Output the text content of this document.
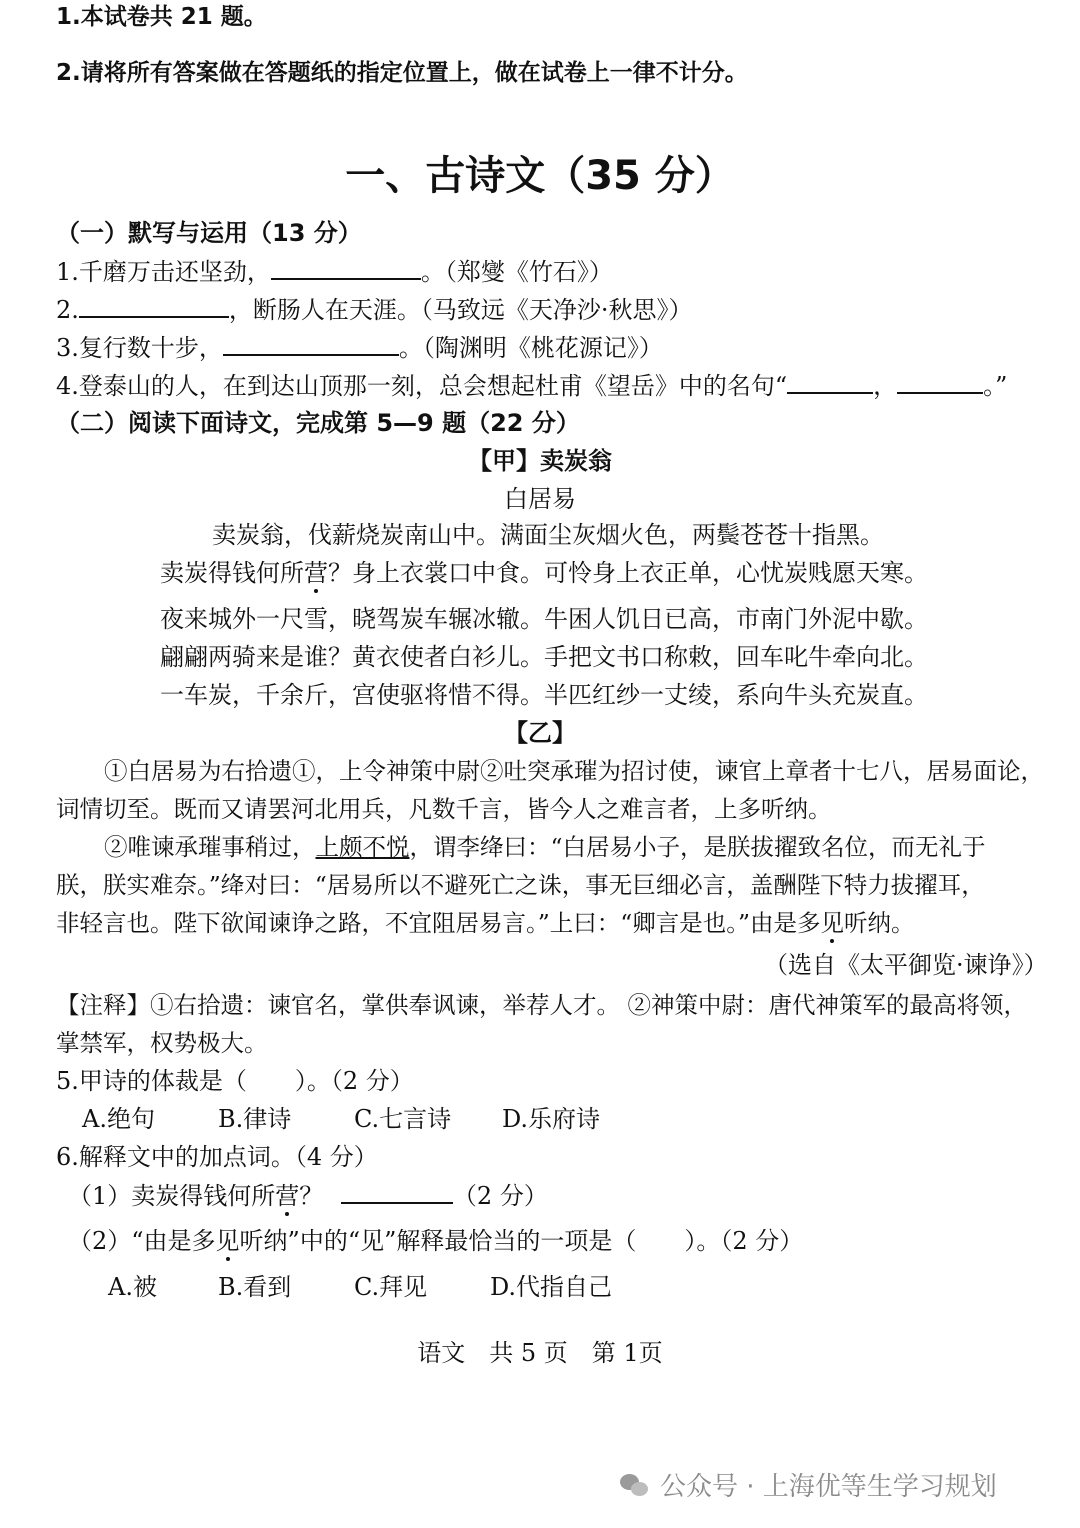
1.本试卷共 21 题。
2.请将所有答案做在答题纸的指定位置上，做在试卷上一律不计分。
一、古诗文（35 分）
（一）默写与运用（13 分）
1.千磨万击还坚劲，	。（郑燮《竹石》）
2.	，断肠人在天涯。（马致远《天净沙·秋思》）
3.复行数十步，	。（陶渊明《桃花源记》）
4.登泰山的人，在到达山顶那一刻，总会想起杜甫《望岳》中的名句“	，	。”
（二）阅读下面诗文，完成第 5—9 题（22 分）
【甲】卖炭翁
白居易
卖炭翁，伐薪烧炭南山中。满面尘灰烟火色，两鬓苍苍十指黑。
卖炭得钱何所营？身上衣裳口中食。可怜身上衣正单，心忧炭贱愿天寒。
夜来城外一尺雪，晓驾炭车辗冰辙。牛困人饥日已高，市南门外泥中歇。
翩翩两骑来是谁？黄衣使者白衫儿。手把文书口称敕，回车叱牛牵向北。
一车炭，千余斤，宫使驱将惜不得。半匹红纱一丈绫，系向牛头充炭直。
【乙】
①白居易为右拾遗①，上令神策中尉②吐突承璀为招讨使，谏官上章者十七八，居易面论，
词情切至。既而又请罢河北用兵，凡数千言，皆今人之难言者，上多听纳。
②唯谏承璀事稍过，上颇不悦，谓李绛曰：“白居易小子，是朕拔擢致名位，而无礼于
朕，朕实难奈。”绛对曰：“居易所以不避死亡之诛，事无巨细必言，盖酬陛下特力拔擢耳，
非轻言也。陛下欲闻谏诤之路，不宜阻居易言。”上曰：“卿言是也。”由是多见听纳。
（选自《太平御览·谏诤》）
【注释】①右拾遗：谏官名，掌供奉讽谏，举荐人才。 ②神策中尉：唐代神策军的最高将领，
掌禁军，权势极大。
5.甲诗的体裁是（　　）。（2 分）
A.绝句	B.律诗	C.七言诗 D.乐府诗
6.解释文中的加点词。（4 分）
（1）卖炭得钱何所营？	（2 分）
（2）“由是多见听纳”中的“见”解释最恰当的一项是（　　）。（2 分）
A.被	B.看到	C.拜见	D.代指自己
语文　共 5 页　第 1页
公众号 · 上海优等生学习规划
